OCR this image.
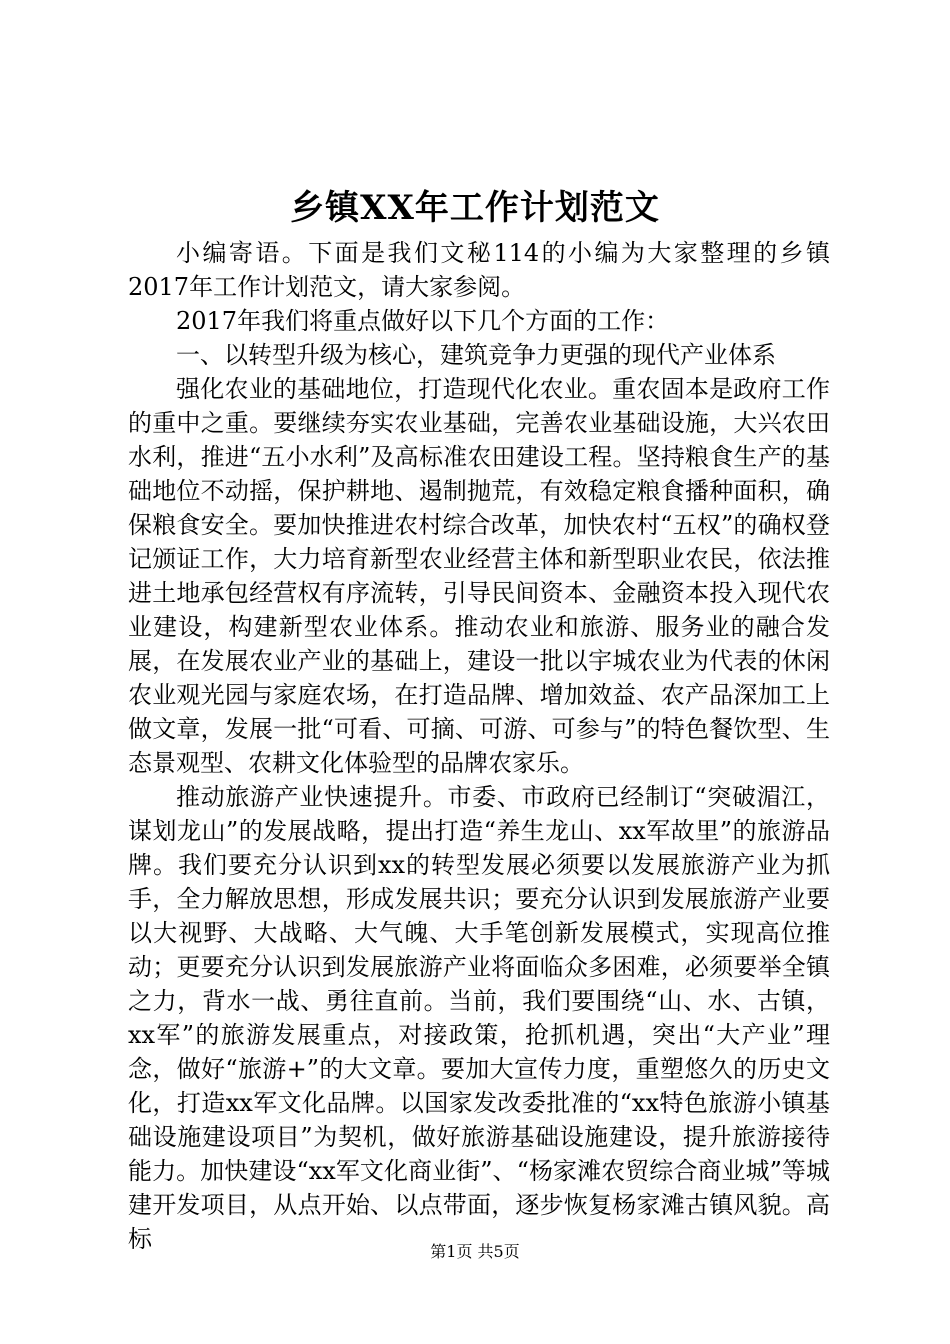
乡镇XX年工作计划范文

小编寄语。下面是我们文秘114的小编为大家整理的乡镇2017年工作计划范文，请大家参阅。

2017年我们将重点做好以下几个方面的工作：

一、以转型升级为核心，建筑竞争力更强的现代产业体系

强化农业的基础地位，打造现代化农业。重农固本是政府工作的重中之重。要继续夯实农业基础，完善农业基础设施，大兴农田水利，推进“五小水利”及高标准农田建设工程。坚持粮食生产的基础地位不动摇，保护耕地、遏制抛荒，有效稳定粮食播种面积，确保粮食安全。要加快推进农村综合改革，加快农村“五权”的确权登记颁证工作，大力培育新型农业经营主体和新型职业农民，依法推进土地承包经营权有序流转，引导民间资本、金融资本投入现代农业建设，构建新型农业体系。推动农业和旅游、服务业的融合发展，在发展农业产业的基础上，建设一批以宇城农业为代表的休闲农业观光园与家庭农场，在打造品牌、增加效益、农产品深加工上做文章，发展一批“可看、可摘、可游、可参与”的特色餐饮型、生态景观型、农耕文化体验型的品牌农家乐。

推动旅游产业快速提升。市委、市政府已经制订“突破湄江，谋划龙山”的发展战略，提出打造“养生龙山、xx军故里”的旅游品牌。我们要充分认识到xx的转型发展必须要以发展旅游产业为抓手，全力解放思想，形成发展共识；要充分认识到发展旅游产业要以大视野、大战略、大气魄、大手笔创新发展模式，实现高位推动；更要充分认识到发展旅游产业将面临众多困难，必须要举全镇之力，背水一战、勇往直前。当前，我们要围绕“山、水、古镇，xx军”的旅游发展重点，对接政策，抢抓机遇，突出“大产业”理念，做好“旅游+”的大文章。要加大宣传力度，重塑悠久的历史文化，打造xx军文化品牌。以国家发改委批准的“xx特色旅游小镇基础设施建设项目”为契机，做好旅游基础设施建设，提升旅游接待能力。加快建设“xx军文化商业街”、“杨家滩农贸综合商业城”等城建开发项目，从点开始、以点带面，逐步恢复杨家滩古镇风貌。高标	第1页 共5页
